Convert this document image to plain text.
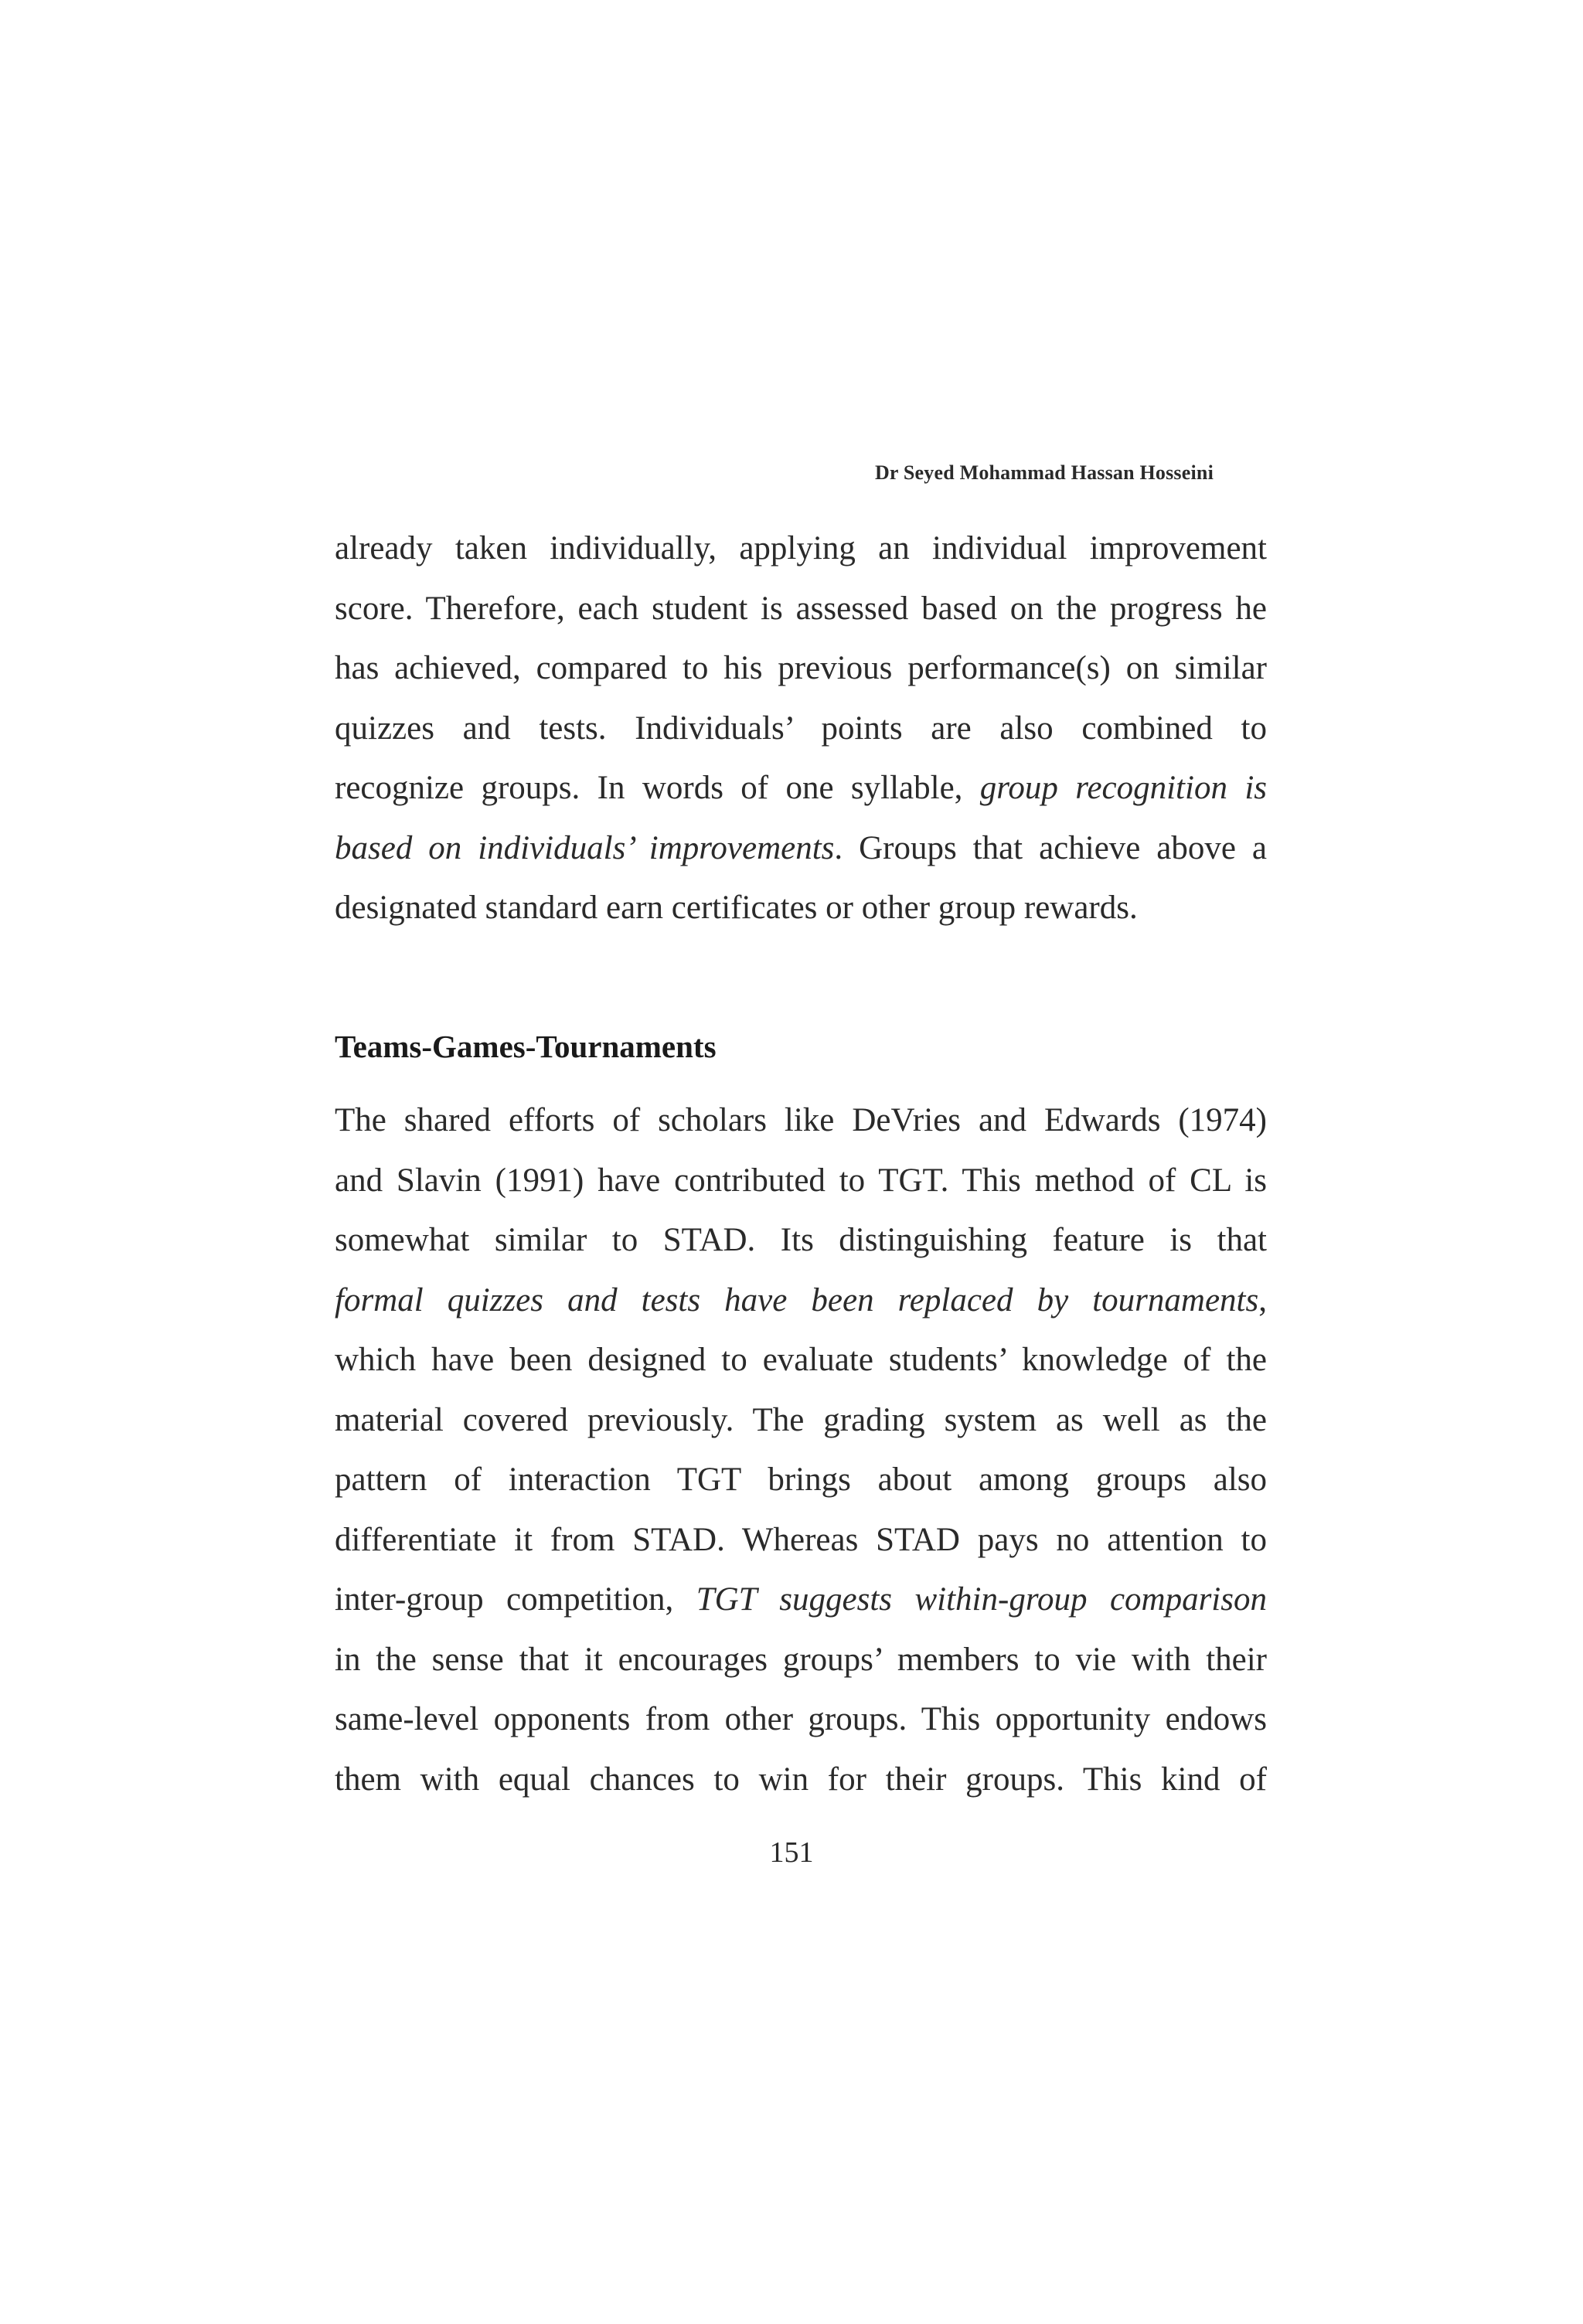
Dr Seyed Mohammad Hassan Hosseini

already taken individually, applying an individual improvement

score. Therefore, each student is assessed based on the progress he

has achieved, compared to his previous performance(s) on similar

quizzes and tests. Individuals’ points are also combined to

recognize groups. In words of one syllable, group recognition is

based on individuals’ improvements. Groups that achieve above a

designated standard earn certificates or other group rewards.

Teams-Games-Tournaments

The shared efforts of scholars like DeVries and Edwards (1974)

and Slavin (1991) have contributed to TGT. This method of CL is

somewhat similar to STAD. Its distinguishing feature is that

formal quizzes and tests have been replaced by tournaments,

which have been designed to evaluate students’ knowledge of the

material covered previously. The grading system as well as the

pattern of interaction TGT brings about among groups also

differentiate it from STAD. Whereas STAD pays no attention to

inter-group competition, TGT suggests within-group comparison

in the sense that it encourages groups’ members to vie with their

same-level opponents from other groups. This opportunity endows

them with equal chances to win for their groups. This kind of

151
